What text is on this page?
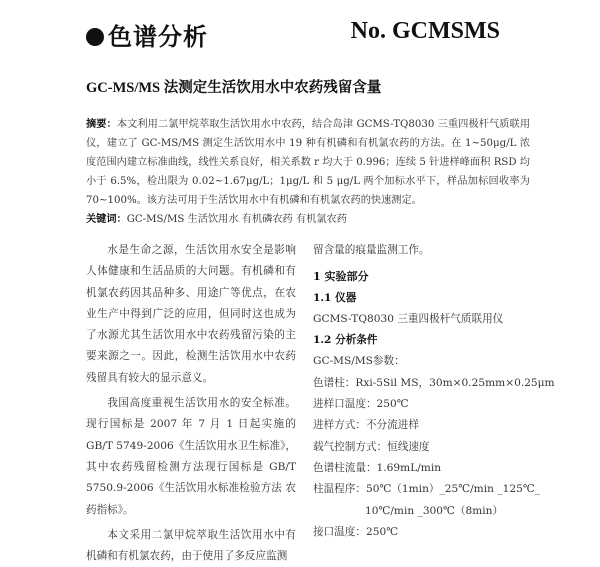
色谱分析	No. GCMSMS
GC-MS/MS 法测定生活饮用水中农药残留含量

摘要：本文利用二氯甲烷萃取生活饮用水中农药，结合岛津 GCMS-TQ8030 三重四极杆气质联用仪，建立了 GC-MS/MS 测定生活饮用水中 19 种有机磷和有机氯农药的方法。在 1~50μg/L 浓度范围内建立标准曲线，线性关系良好，相关系数 r 均大于 0.996；连续 5 针进样峰面积 RSD 均小于 6.5%，检出限为 0.02~1.67μg/L；1μg/L 和 5 μg/L 两个加标水平下，样品加标回收率为 70~100%。该方法可用于生活饮用水中有机磷和有机氯农药的快速测定。

关键词：GC-MS/MS 生活饮用水 有机磷农药 有机氯农药

水是生命之源，生活饮用水安全是影响人体健康和生活品质的大问题。有机磷和有机氯农药因其品种多、用途广等优点，在农业生产中得到广泛的应用，但同时这也成为了水源尤其生活饮用水中农药残留污染的主要来源之一。因此，检测生活饮用水中农药残留具有较大的显示意义。

我国高度重视生活饮用水的安全标准。现行国标是 2007 年 7 月 1 日起实施的 GB/T 5749-2006《生活饮用水卫生标准》，其中农药残留检测方法现行国标是 GB/T 5750.9-2006《生活饮用水标准检验方法 农药指标》。

本文采用二氯甲烷萃取生活饮用水中有机磷和有机氯农药，由于使用了多反应监测

留含量的痕量监测工作。
1 实验部分
1.1 仪器
GCMS-TQ8030 三重四极杆气质联用仪
1.2 分析条件
GC-MS/MS参数：
色谱柱：Rxi-5Sil MS，30m×0.25mm×0.25μm
进样口温度：250℃
进样方式：不分流进样
载气控制方式：恒线速度
色谱柱流量：1.69mL/min
柱温程序：50℃（1min）_25℃/min _125℃_
10℃/min _300℃（8min）
接口温度：250℃
